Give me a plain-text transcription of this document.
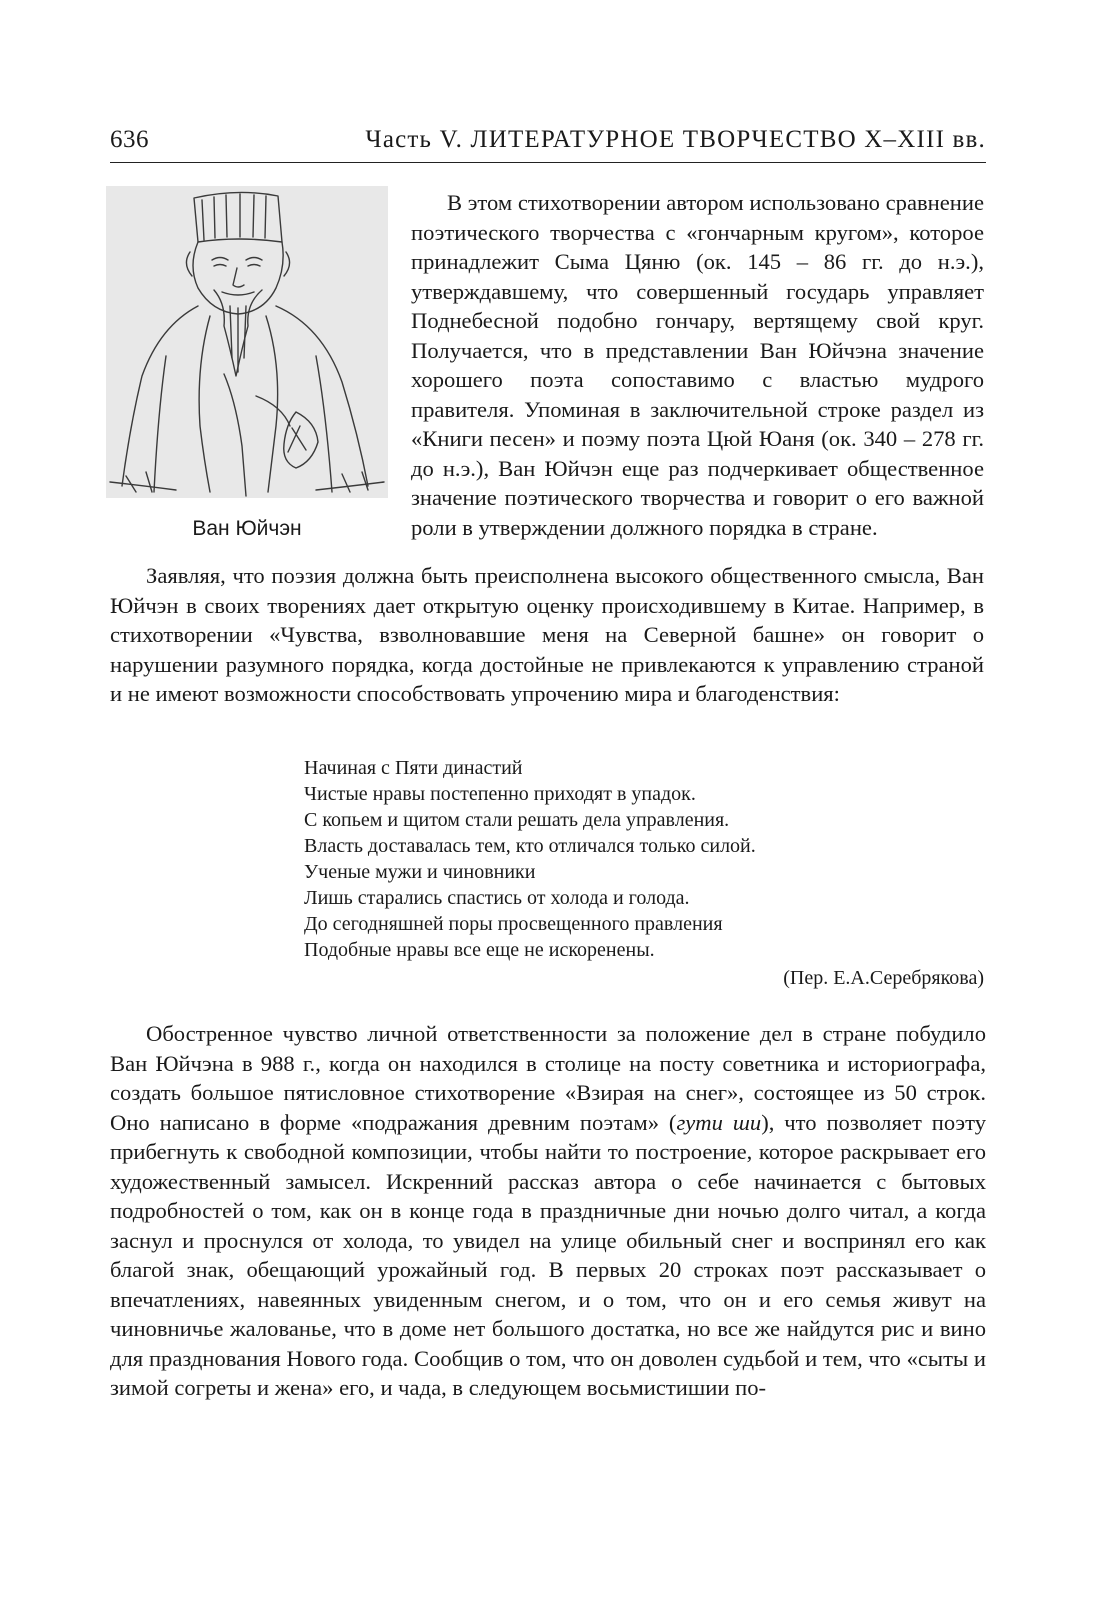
636	Часть V. ЛИТЕРАТУРНОЕ ТВОРЧЕСТВО X–XIII вв.
Ван Юйчэн

В этом стихотворении автором использовано сравнение поэтического творчества с «гончарным кругом», которое принадлежит Сыма Цяню (ок. 145 – 86 гг. до н.э.), утверждавшему, что совершенный государь управляет Поднебесной подобно гончару, вертящему свой круг. Получается, что в представлении Ван Юйчэна значение хорошего поэта сопоставимо с властью мудрого правителя. Упоминая в заключительной строке раздел из «Книги песен» и поэму поэта Цюй Юаня (ок. 340 – 278 гг. до н.э.), Ван Юйчэн еще раз подчеркивает общественное значение поэтического творчества и говорит о его важной роли в утверждении должного порядка в стране.

Заявляя, что поэзия должна быть преисполнена высокого общественного смысла, Ван Юйчэн в своих творениях дает открытую оценку происходившему в Китае. Например, в стихотворении «Чувства, взволновавшие меня на Северной башне» он говорит о нарушении разумного порядка, когда достойные не привлекаются к управлению страной и не имеют возможности способствовать упрочению мира и благоденствия:

Начиная с Пяти династий
Чистые нравы постепенно приходят в упадок.
С копьем и щитом стали решать дела управления.
Власть доставалась тем, кто отличался только силой.
Ученые мужи и чиновники
Лишь старались спастись от холода и голода.
До сегодняшней поры просвещенного правления
Подобные нравы все еще не искоренены.
(Пер. Е.А.Серебрякова)

Обостренное чувство личной ответственности за положение дел в стране побудило Ван Юйчэна в 988 г., когда он находился в столице на посту советника и историографа, создать большое пятисловное стихотворение «Взирая на снег», состоящее из 50 строк. Оно написано в форме «подражания древним поэтам» (гути ши), что позволяет поэту прибегнуть к свободной композиции, чтобы найти то построение, которое раскрывает его художественный замысел. Искренний рассказ автора о себе начинается с бытовых подробностей о том, как он в конце года в праздничные дни ночью долго читал, а когда заснул и проснулся от холода, то увидел на улице обильный снег и воспринял его как благой знак, обещающий урожайный год. В первых 20 строках поэт рассказывает о впечатлениях, навеянных увиденным снегом, и о том, что он и его семья живут на чиновничье жалованье, что в доме нет большого достатка, но все же найдутся рис и вино для празднования Нового года. Сообщив о том, что он доволен судьбой и тем, что «сыты и зимой согреты и жена» его, и чада, в следующем восьмистишии по-
